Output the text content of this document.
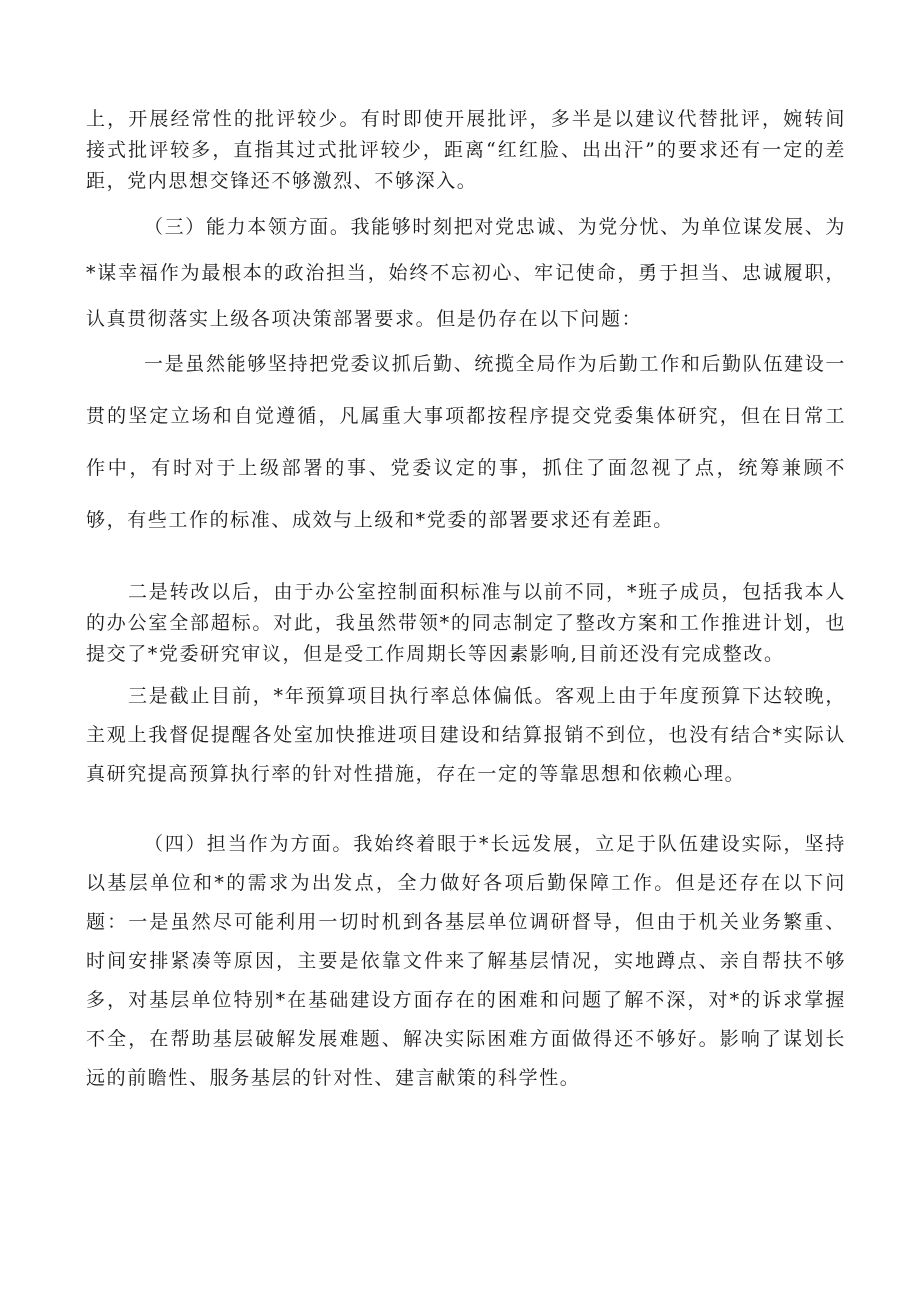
上，开展经常性的批评较少。有时即使开展批评，多半是以建议代替批评，婉转间接式批评较多，直指其过式批评较少，距离“红红脸、出出汗”的要求还有一定的差距，党内思想交锋还不够激烈、不够深入。

（三）能力本领方面。我能够时刻把对党忠诚、为党分忧、为单位谋发展、为*谋幸福作为最根本的政治担当，始终不忘初心、牢记使命，勇于担当、忠诚履职，认真贯彻落实上级各项决策部署要求。但是仍存在以下问题：

一是虽然能够坚持把党委议抓后勤、统揽全局作为后勤工作和后勤队伍建设一贯的坚定立场和自觉遵循，凡属重大事项都按程序提交党委集体研究，但在日常工作中，有时对于上级部署的事、党委议定的事，抓住了面忽视了点，统筹兼顾不够，有些工作的标准、成效与上级和*党委的部署要求还有差距。

二是转改以后，由于办公室控制面积标准与以前不同，*班子成员，包括我本人的办公室全部超标。对此，我虽然带领*的同志制定了整改方案和工作推进计划，也提交了*党委研究审议，但是受工作周期长等因素影响,目前还没有完成整改。

三是截止目前，*年预算项目执行率总体偏低。客观上由于年度预算下达较晚，主观上我督促提醒各处室加快推进项目建设和结算报销不到位，也没有结合*实际认真研究提高预算执行率的针对性措施，存在一定的等靠思想和依赖心理。

（四）担当作为方面。我始终着眼于*长远发展，立足于队伍建设实际，坚持以基层单位和*的需求为出发点，全力做好各项后勤保障工作。但是还存在以下问题：一是虽然尽可能利用一切时机到各基层单位调研督导，但由于机关业务繁重、时间安排紧凑等原因，主要是依靠文件来了解基层情况，实地蹲点、亲自帮扶不够多，对基层单位特别*在基础建设方面存在的困难和问题了解不深，对*的诉求掌握不全，在帮助基层破解发展难题、解决实际困难方面做得还不够好。影响了谋划长远的前瞻性、服务基层的针对性、建言献策的科学性。
